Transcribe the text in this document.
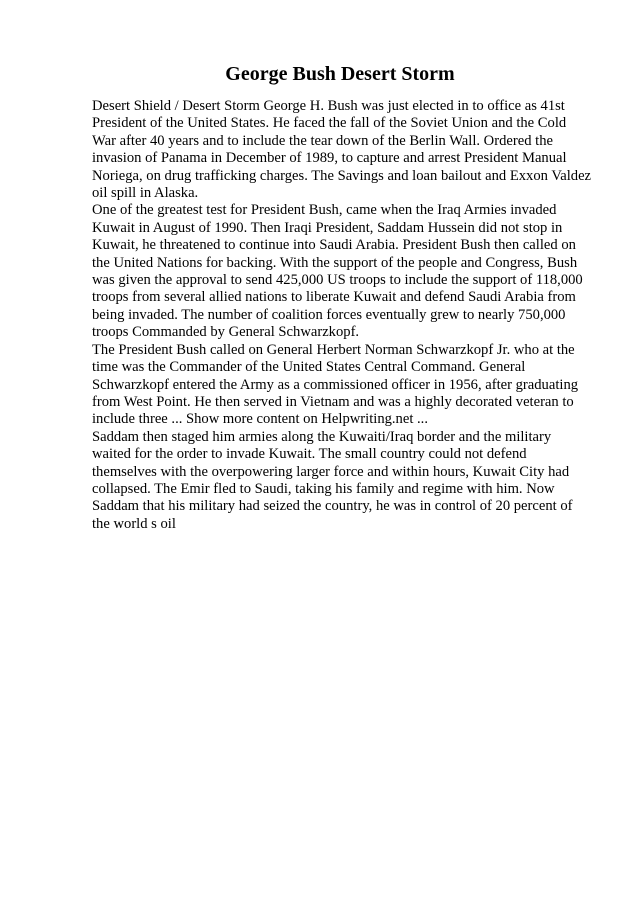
George Bush Desert Storm

Desert Shield / Desert Storm George H. Bush was just elected in to office as 41st President of the United States. He faced the fall of the Soviet Union and the Cold War after 40 years and to include the tear down of the Berlin Wall. Ordered the invasion of Panama in December of 1989, to capture and arrest President Manual Noriega, on drug trafficking charges. The Savings and loan bailout and Exxon Valdez oil spill in Alaska.

One of the greatest test for President Bush, came when the Iraq Armies invaded Kuwait in August of 1990. Then Iraqi President, Saddam Hussein did not stop in Kuwait, he threatened to continue into Saudi Arabia. President Bush then called on the United Nations for backing. With the support of the people and Congress, Bush was given the approval to send 425,000 US troops to include the support of 118,000 troops from several allied nations to liberate Kuwait and defend Saudi Arabia from being invaded. The number of coalition forces eventually grew to nearly 750,000 troops Commanded by General Schwarzkopf.

The President Bush called on General Herbert Norman Schwarzkopf Jr. who at the time was the Commander of the United States Central Command. General Schwarzkopf entered the Army as a commissioned officer in 1956, after graduating from West Point. He then served in Vietnam and was a highly decorated veteran to include three ... Show more content on Helpwriting.net ...

Saddam then staged him armies along the Kuwaiti/Iraq border and the military waited for the order to invade Kuwait. The small country could not defend themselves with the overpowering larger force and within hours, Kuwait City had collapsed. The Emir fled to Saudi, taking his family and regime with him. Now Saddam that his military had seized the country, he was in control of 20 percent of the world s oil
